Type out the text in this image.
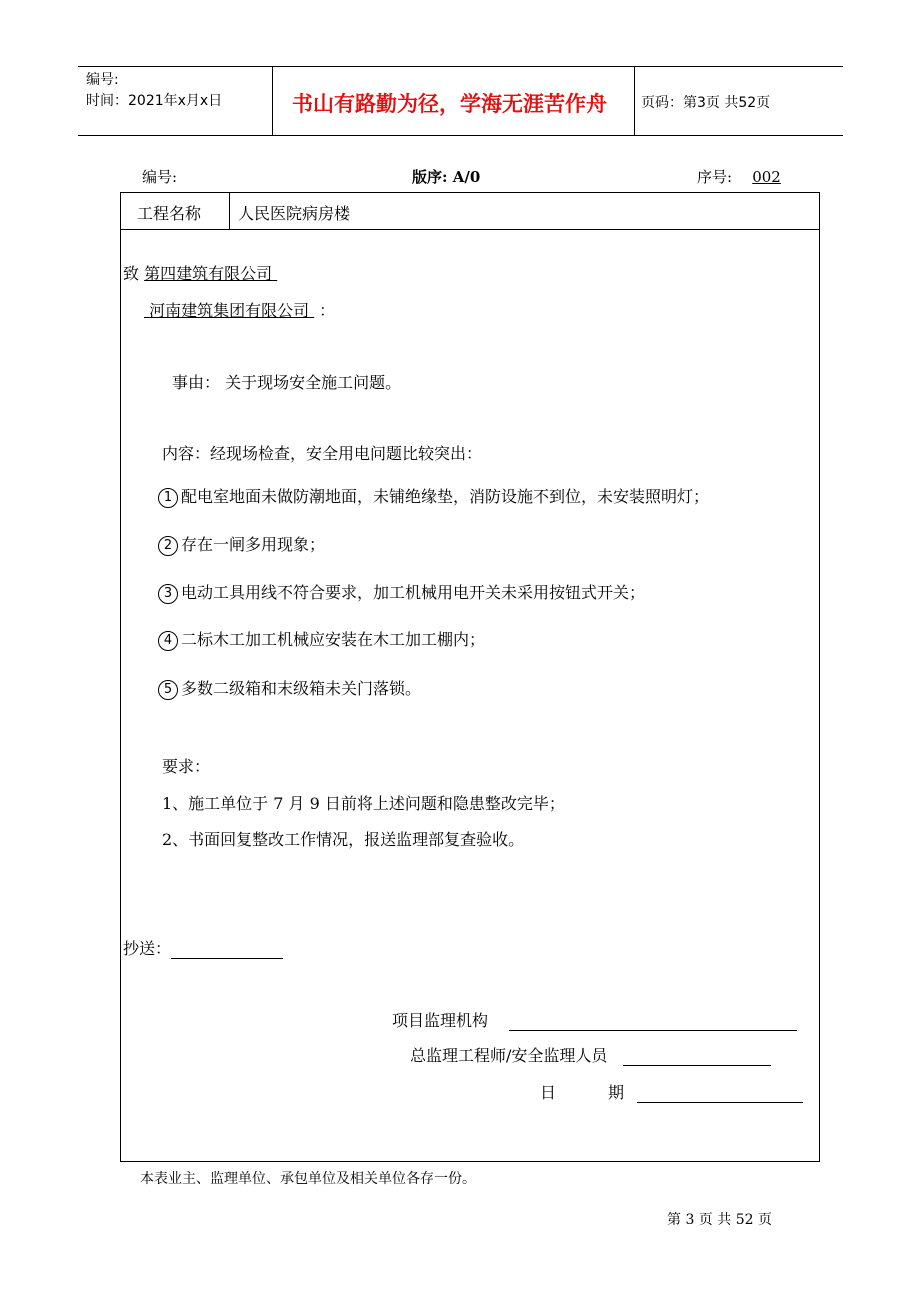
编号:
时间：2021年x月x日	书山有路勤为径，学海无涯苦作舟 页码：第3页 共52页
编号:	版序: A/0	序号: 002
工程名称 人民医院病房楼
致 第四建筑有限公司
河南建筑集团有限公司 ：
事由： 关于现场安全施工问题。
内容：经现场检查，安全用电问题比较突出：
1 配电室地面未做防潮地面，未铺绝缘垫，消防设施不到位，未安装照明灯；
2 存在一闸多用现象；
3 电动工具用线不符合要求，加工机械用电开关未采用按钮式开关；
4 二标木工加工机械应安装在木工加工棚内；
5 多数二级箱和末级箱未关门落锁。
要求：
1、施工单位于 7 月 9 日前将上述问题和隐患整改完毕；
2、书面回复整改工作情况，报送监理部复查验收。
抄送：
项目监理机构
总监理工程师/安全监理人员
日	期
本表业主、监理单位、承包单位及相关单位各存一份。
第 3 页 共 52 页
